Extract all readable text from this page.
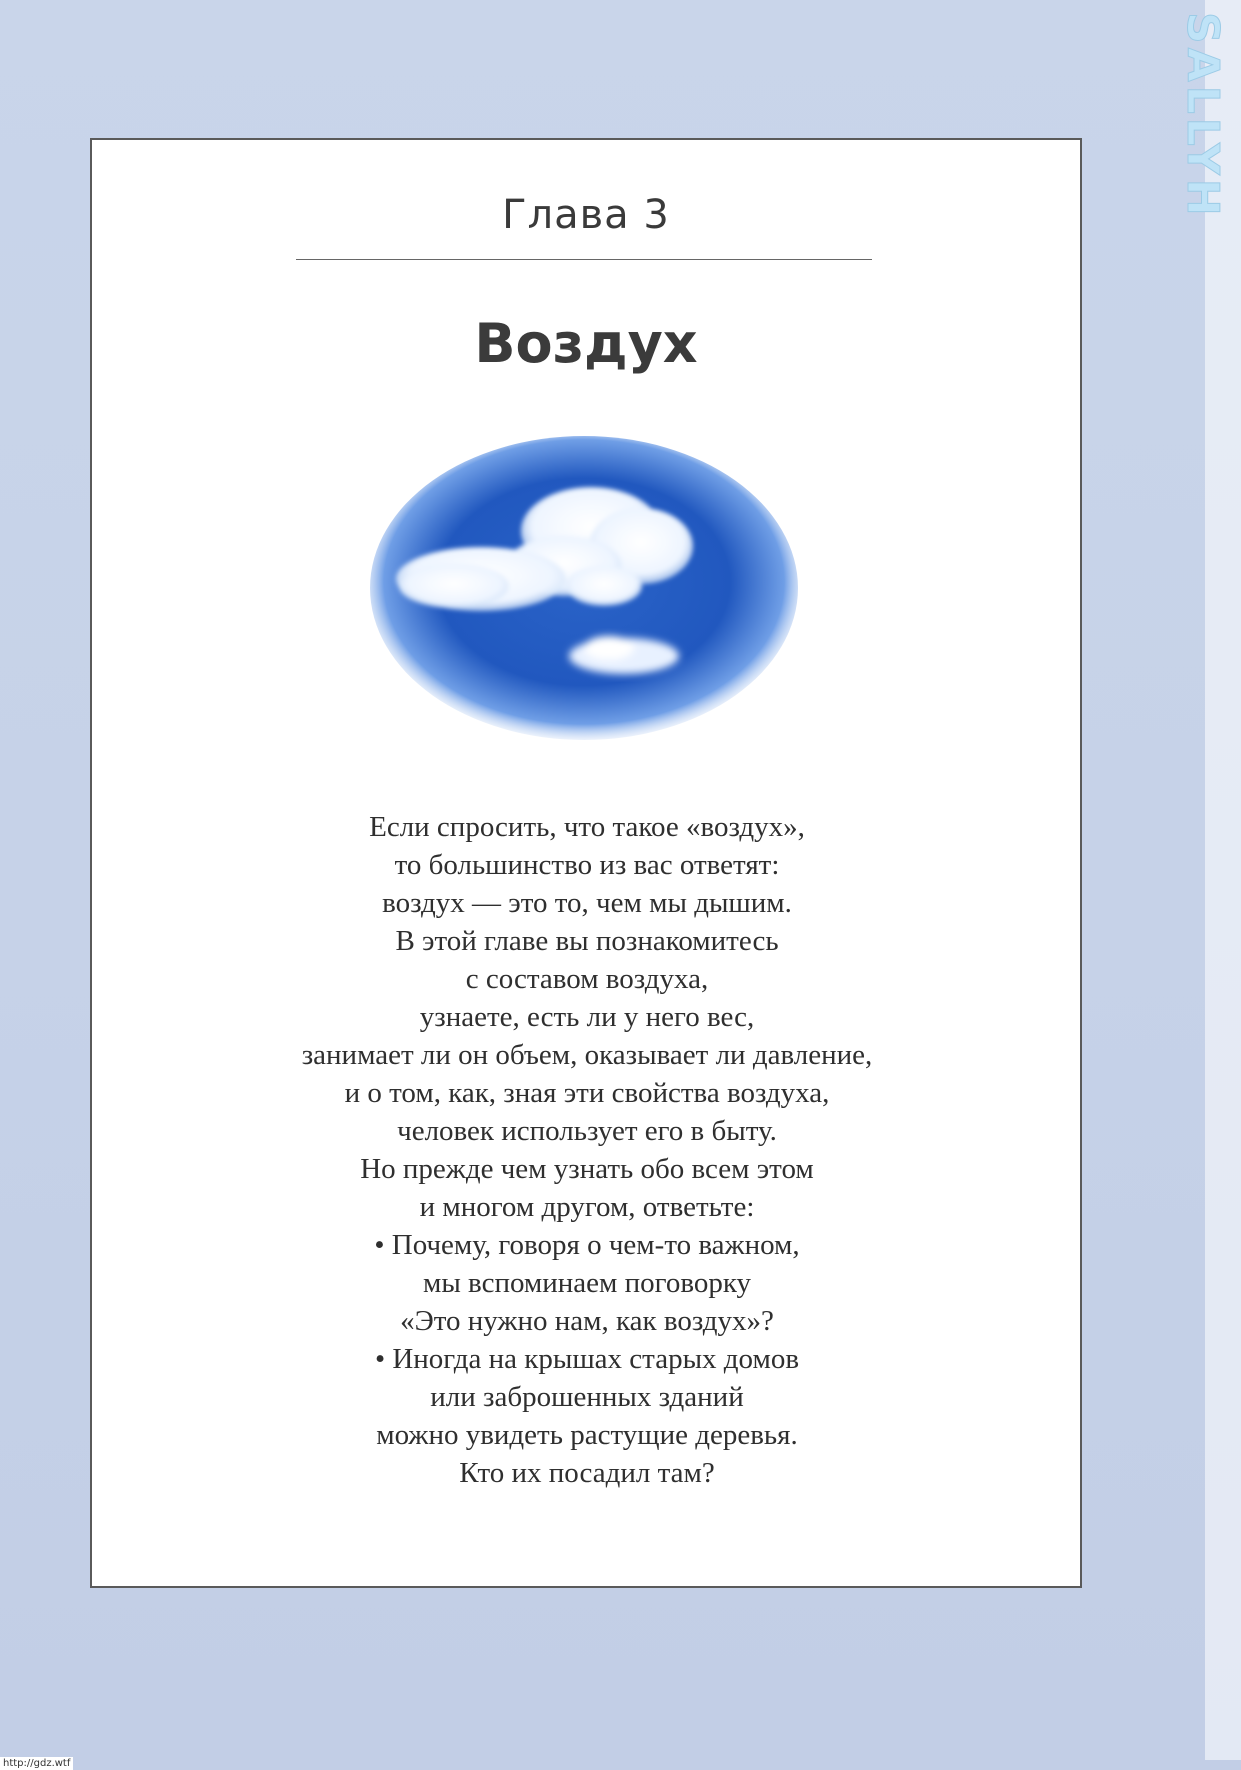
SALLYH
Глава 3
Воздух
Если спросить, что такое «воздух»,
то большинство из вас ответят:
воздух — это то, чем мы дышим.
В этой главе вы познакомитесь
с составом воздуха,
узнаете, есть ли у него вес,
занимает ли он объем, оказывает ли давление,
и о том, как, зная эти свойства воздуха,
человек использует его в быту.
Но прежде чем узнать обо всем этом
и многом другом, ответьте:
• Почему, говоря о чем-то важном,
мы вспоминаем поговорку
«Это нужно нам, как воздух»?
• Иногда на крышах старых домов
или заброшенных зданий
можно увидеть растущие деревья.
Кто их посадил там?
http://gdz.wtf
